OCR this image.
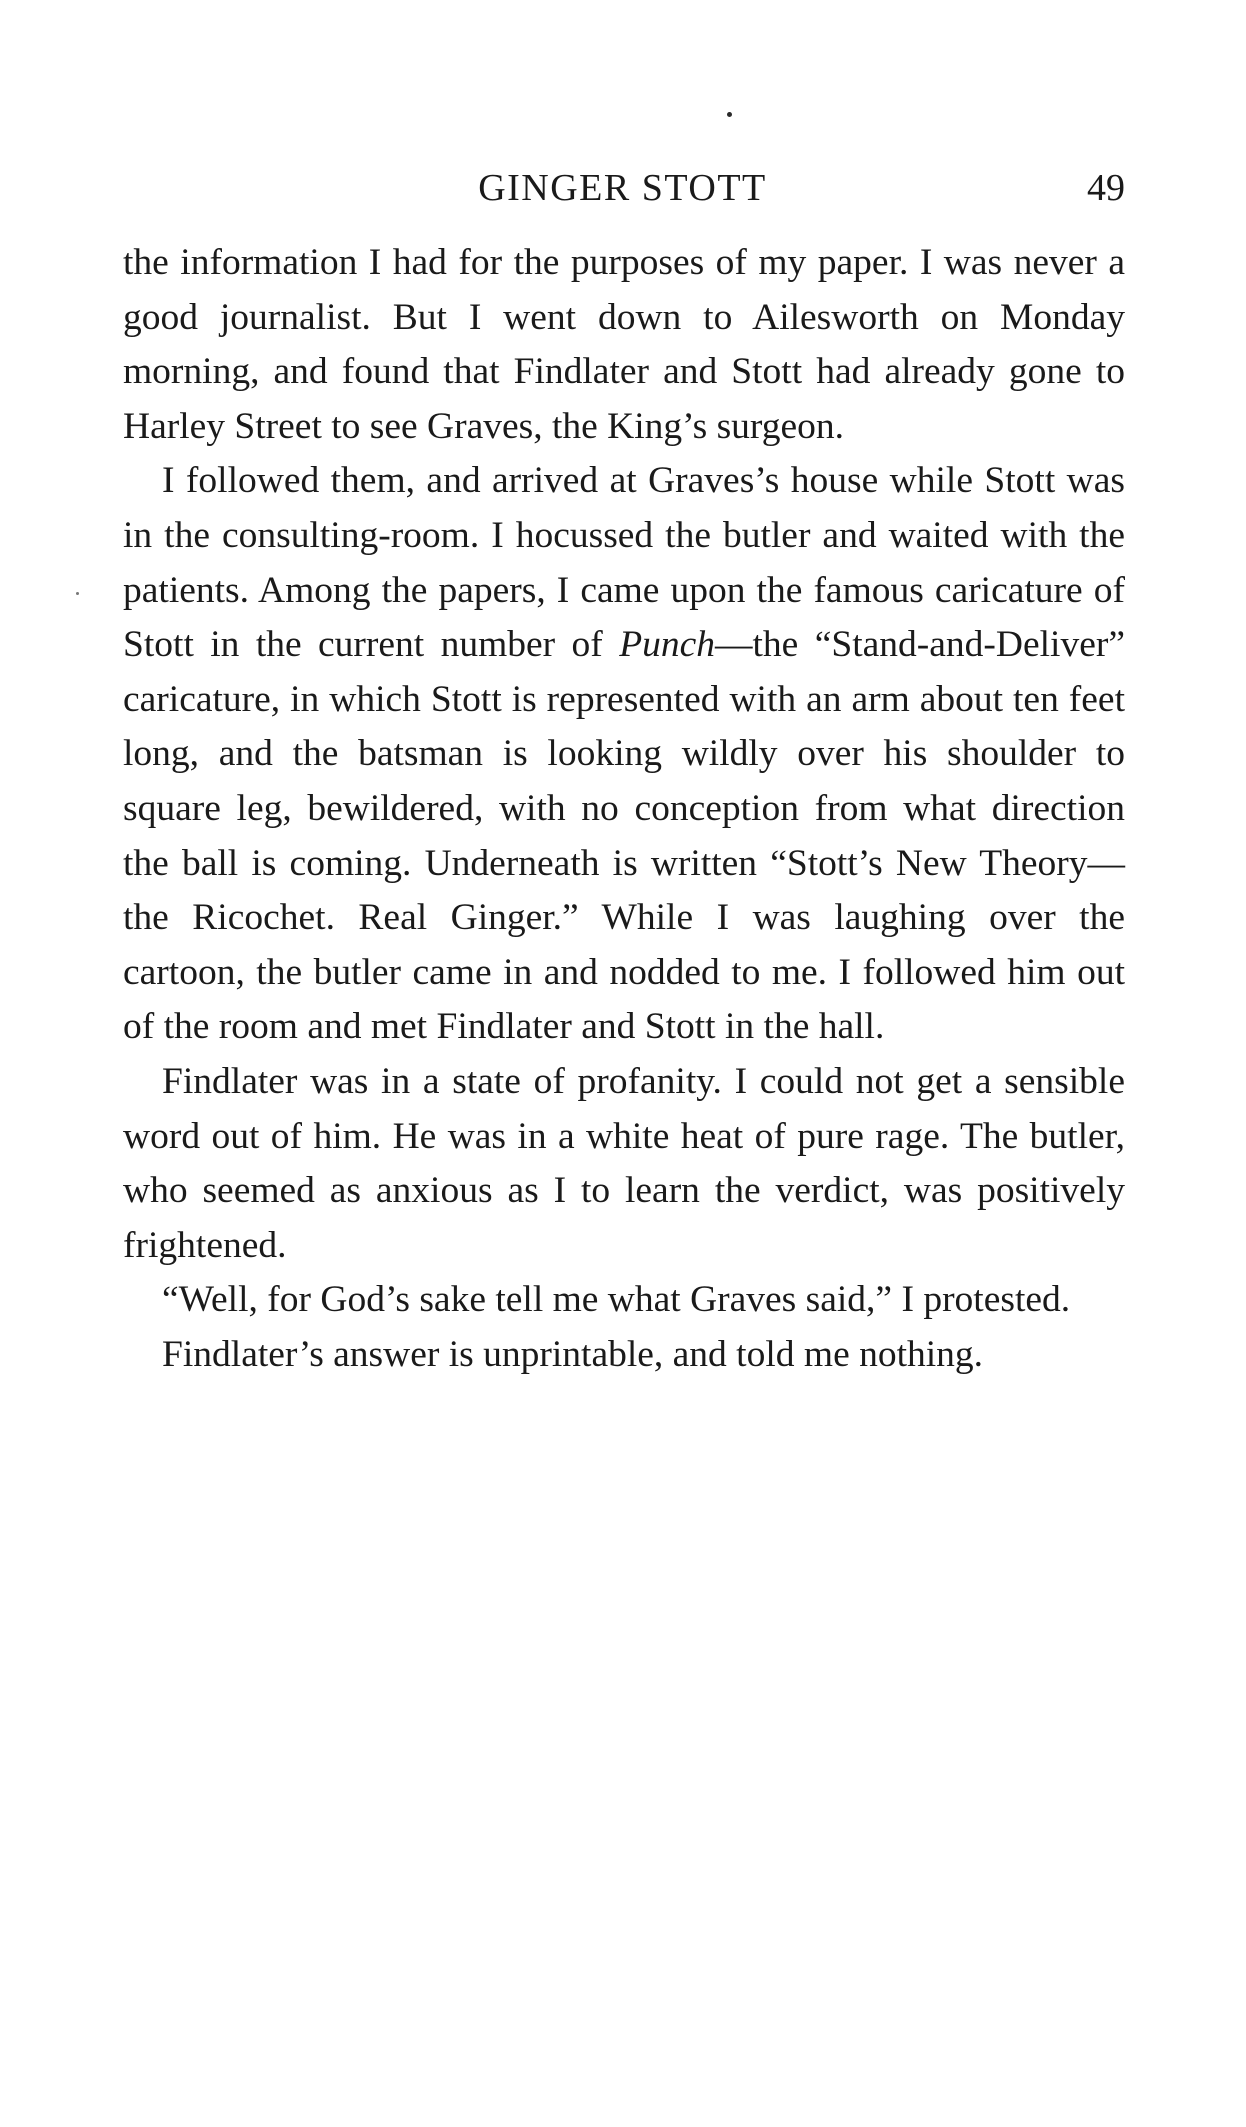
GINGER STOTT	49

the information I had for the purposes of my paper. I was never a good journalist. But I went down to Ailesworth on Monday morning, and found that Findlater and Stott had already gone to Harley Street to see Graves, the King’s surgeon.

I followed them, and arrived at Graves’s house while Stott was in the consulting-room. I hocussed the butler and waited with the patients. Among the papers, I came upon the famous caricature of Stott in the current number of Punch—the “Stand-and-Deliver” caricature, in which Stott is represented with an arm about ten feet long, and the batsman is looking wildly over his shoulder to square leg, bewildered, with no conception from what direction the ball is coming. Underneath is written “Stott’s New Theory—the Ricochet. Real Ginger.” While I was laughing over the cartoon, the butler came in and nodded to me. I followed him out of the room and met Findlater and Stott in the hall.

Findlater was in a state of profanity. I could not get a sensible word out of him. He was in a white heat of pure rage. The butler, who seemed as anxious as I to learn the verdict, was positively frightened.

“Well, for God’s sake tell me what Graves said,” I protested.

Findlater’s answer is unprintable, and told me nothing.
